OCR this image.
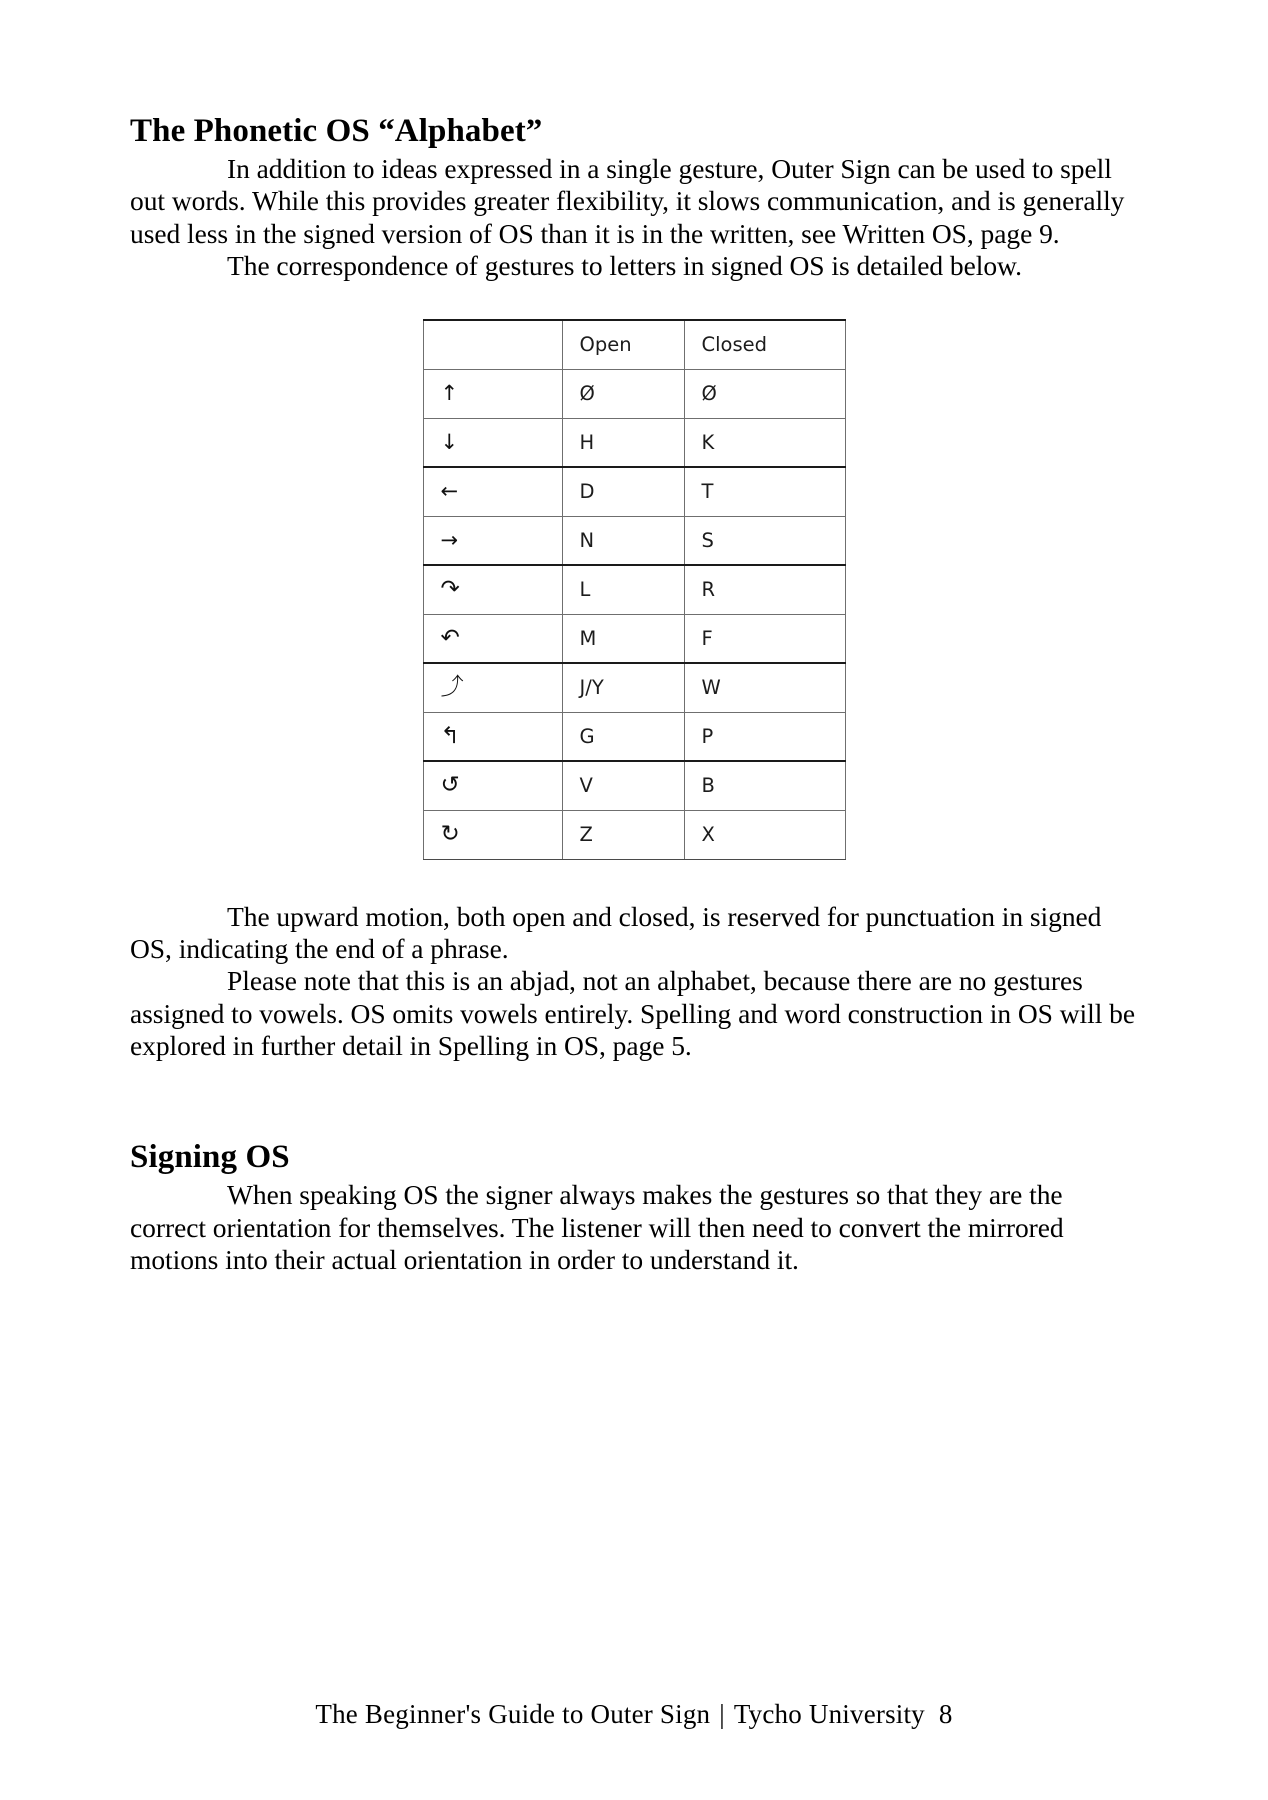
The Phonetic OS “Alphabet”

In addition to ideas expressed in a single gesture, Outer Sign can be used to spell out words. While this provides greater flexibility, it slows communication, and is generally used less in the signed version of OS than it is in the written, see Written OS, page 9.

The correspondence of gestures to letters in signed OS is detailed below.

	Open	Closed
↑	Ø	Ø
↓	H	K
←	D	T
→	N	S
↷	L	R
↶	M	F
⤴	J/Y	W
↰	G	P
↺	V	B
↻	Z	X

The upward motion, both open and closed, is reserved for punctuation in signed OS, indicating the end of a phrase.

Please note that this is an abjad, not an alphabet, because there are no gestures assigned to vowels. OS omits vowels entirely. Spelling and word construction in OS will be explored in further detail in Spelling in OS, page 5.

Signing OS

When speaking OS the signer always makes the gestures so that they are the correct orientation for themselves. The listener will then need to convert the mirrored motions into their actual orientation in order to understand it.

The Beginner's Guide to Outer Sign | Tycho University 8
